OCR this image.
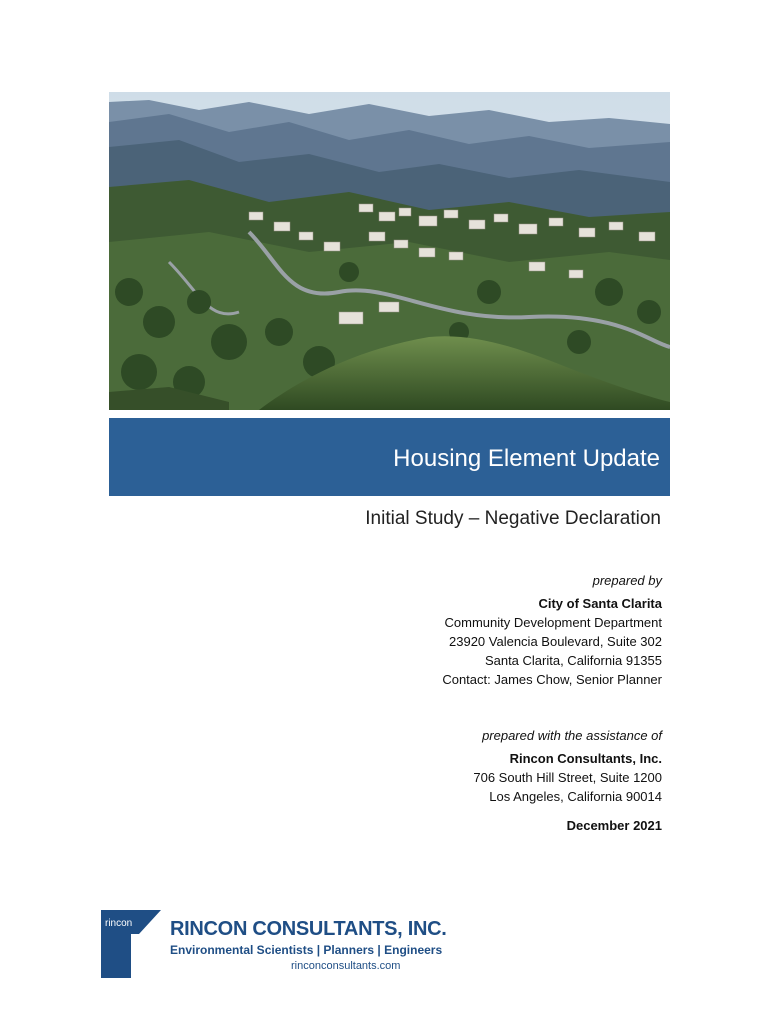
Housing Element Update
Initial Study – Negative Declaration
prepared by
City of Santa Clarita
Community Development Department
23920 Valencia Boulevard, Suite 302
Santa Clarita, California 91355
Contact: James Chow, Senior Planner
prepared with the assistance of
Rincon Consultants, Inc.
706 South Hill Street, Suite 1200
Los Angeles, California 90014
December 2021
rincon RINCON CONSULTANTS, INC.
Environmental Scientists | Planners | Engineers
rinconconsultants.com
